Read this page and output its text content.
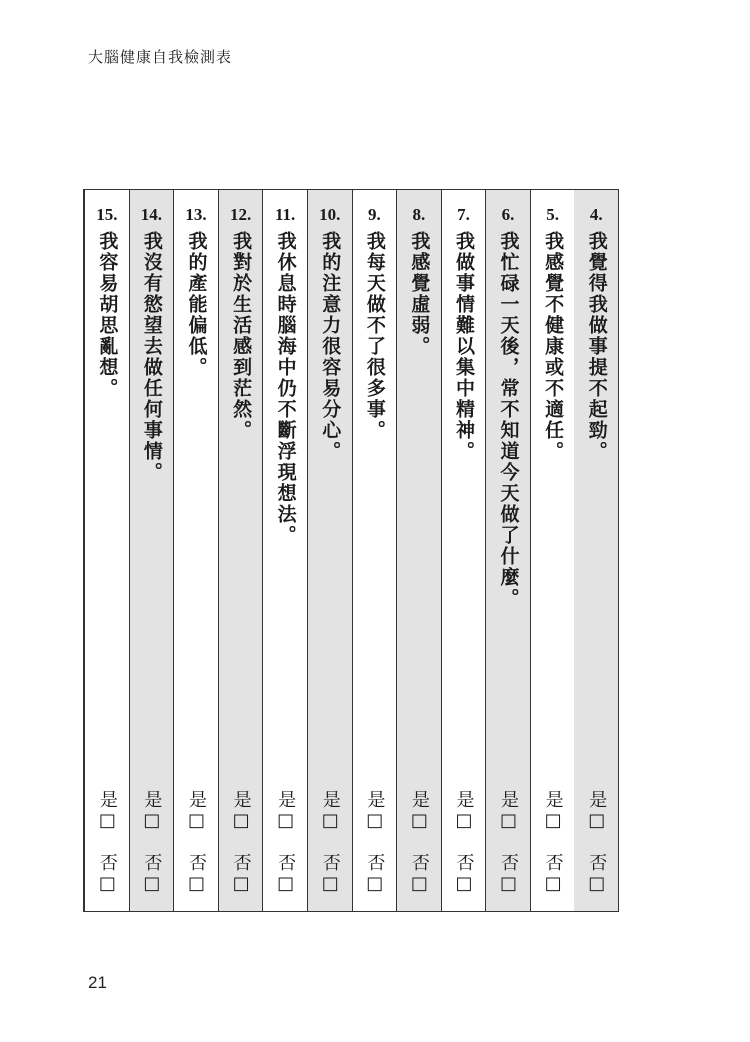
大腦健康自我檢測表
4.
我覺得我做事提不起勁。
是□
否□
5.
我感覺不健康或不適任。
是□
否□
6.
我忙碌一天後，常不知道今天做了什麼。
是□
否□
7.
我做事情難以集中精神。
是□
否□
8.
我感覺虛弱。
是□
否□
9.
我每天做不了很多事。
是□
否□
10.
我的注意力很容易分心。
是□
否□
11.
我休息時腦海中仍不斷浮現想法。
是□
否□
12.
我對於生活感到茫然。
是□
否□
13.
我的產能偏低。
是□
否□
14.
我沒有慾望去做任何事情。
是□
否□
15.
我容易胡思亂想。
是□
否□
21
